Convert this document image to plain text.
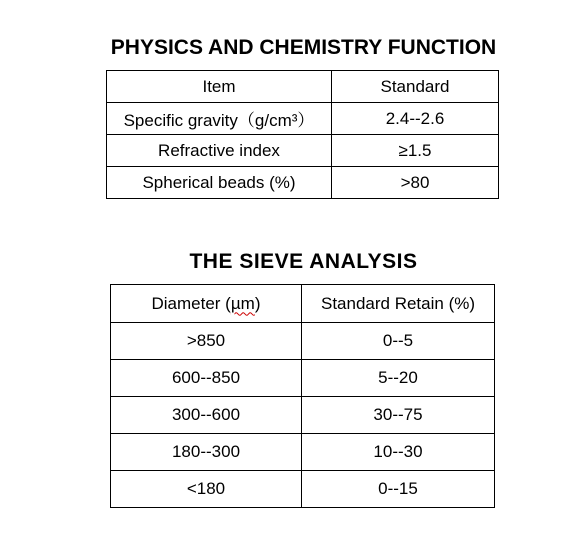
PHYSICS AND CHEMISTRY FUNCTION
Item	Standard
Specific gravity（g/cm³）	2.4--2.6
Refractive index	≥1.5
Spherical beads (%)	>80
THE SIEVE ANALYSIS
Diameter (µm)	Standard Retain (%)
>850	0--5
600--850	5--20
300--600	30--75
180--300	10--30
<180	0--15
